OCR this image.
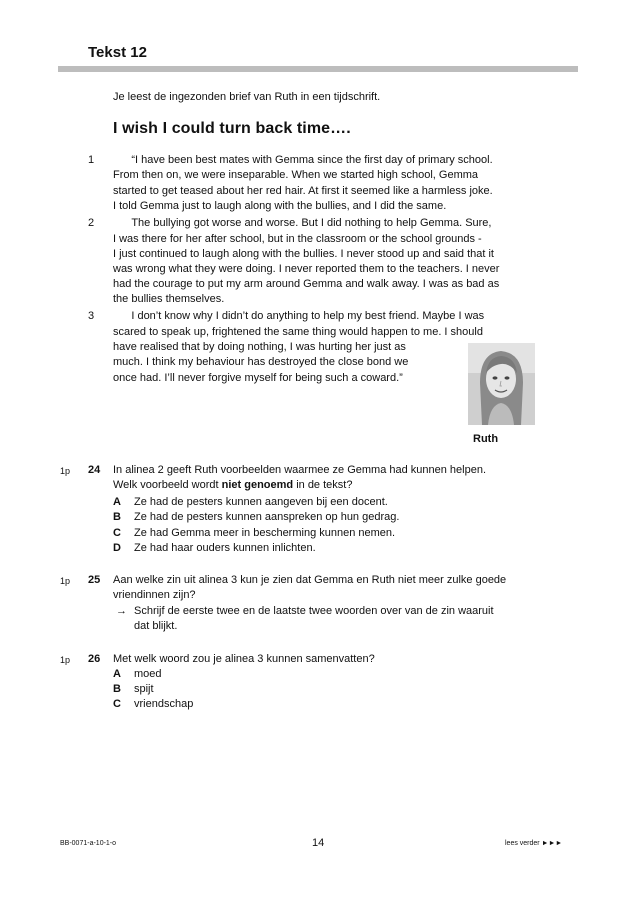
Tekst 12
Je leest de ingezonden brief van Ruth in een tijdschrift.
I wish I could turn back time….
1
2
3
“I have been best mates with Gemma since the first day of primary school.
From then on, we were inseparable. When we started high school, Gemma
started to get teased about her red hair. At first it seemed like a harmless joke.
I told Gemma just to laugh along with the bullies, and I did the same.
The bullying got worse and worse. But I did nothing to help Gemma. Sure,
I was there for her after school, but in the classroom or the school grounds -
I just continued to laugh along with the bullies. I never stood up and said that it
was wrong what they were doing. I never reported them to the teachers. I never
had the courage to put my arm around Gemma and walk away. I was as bad as
the bullies themselves.
I don’t know why I didn’t do anything to help my best friend. Maybe I was
scared to speak up, frightened the same thing would happen to me. I should
have realised that by doing nothing, I was hurting her just as
much. I think my behaviour has destroyed the close bond we
once had. I’ll never forgive myself for being such a coward.”
Ruth
1p 24 In alinea 2 geeft Ruth voorbeelden waarmee ze Gemma had kunnen helpen.
Welk voorbeeld wordt niet genoemd in de tekst?
A Ze had de pesters kunnen aangeven bij een docent.
B Ze had de pesters kunnen aanspreken op hun gedrag.
C Ze had Gemma meer in bescherming kunnen nemen.
D Ze had haar ouders kunnen inlichten.
1p 25 Aan welke zin uit alinea 3 kun je zien dat Gemma en Ruth niet meer zulke goede
vriendinnen zijn?
→ Schrijf de eerste twee en de laatste twee woorden over van de zin waaruit
dat blijkt.
1p 26 Met welk woord zou je alinea 3 kunnen samenvatten?
A moed
B spijt
C vriendschap
BB-0071-a-10-1-o	14	lees verder ►►►
